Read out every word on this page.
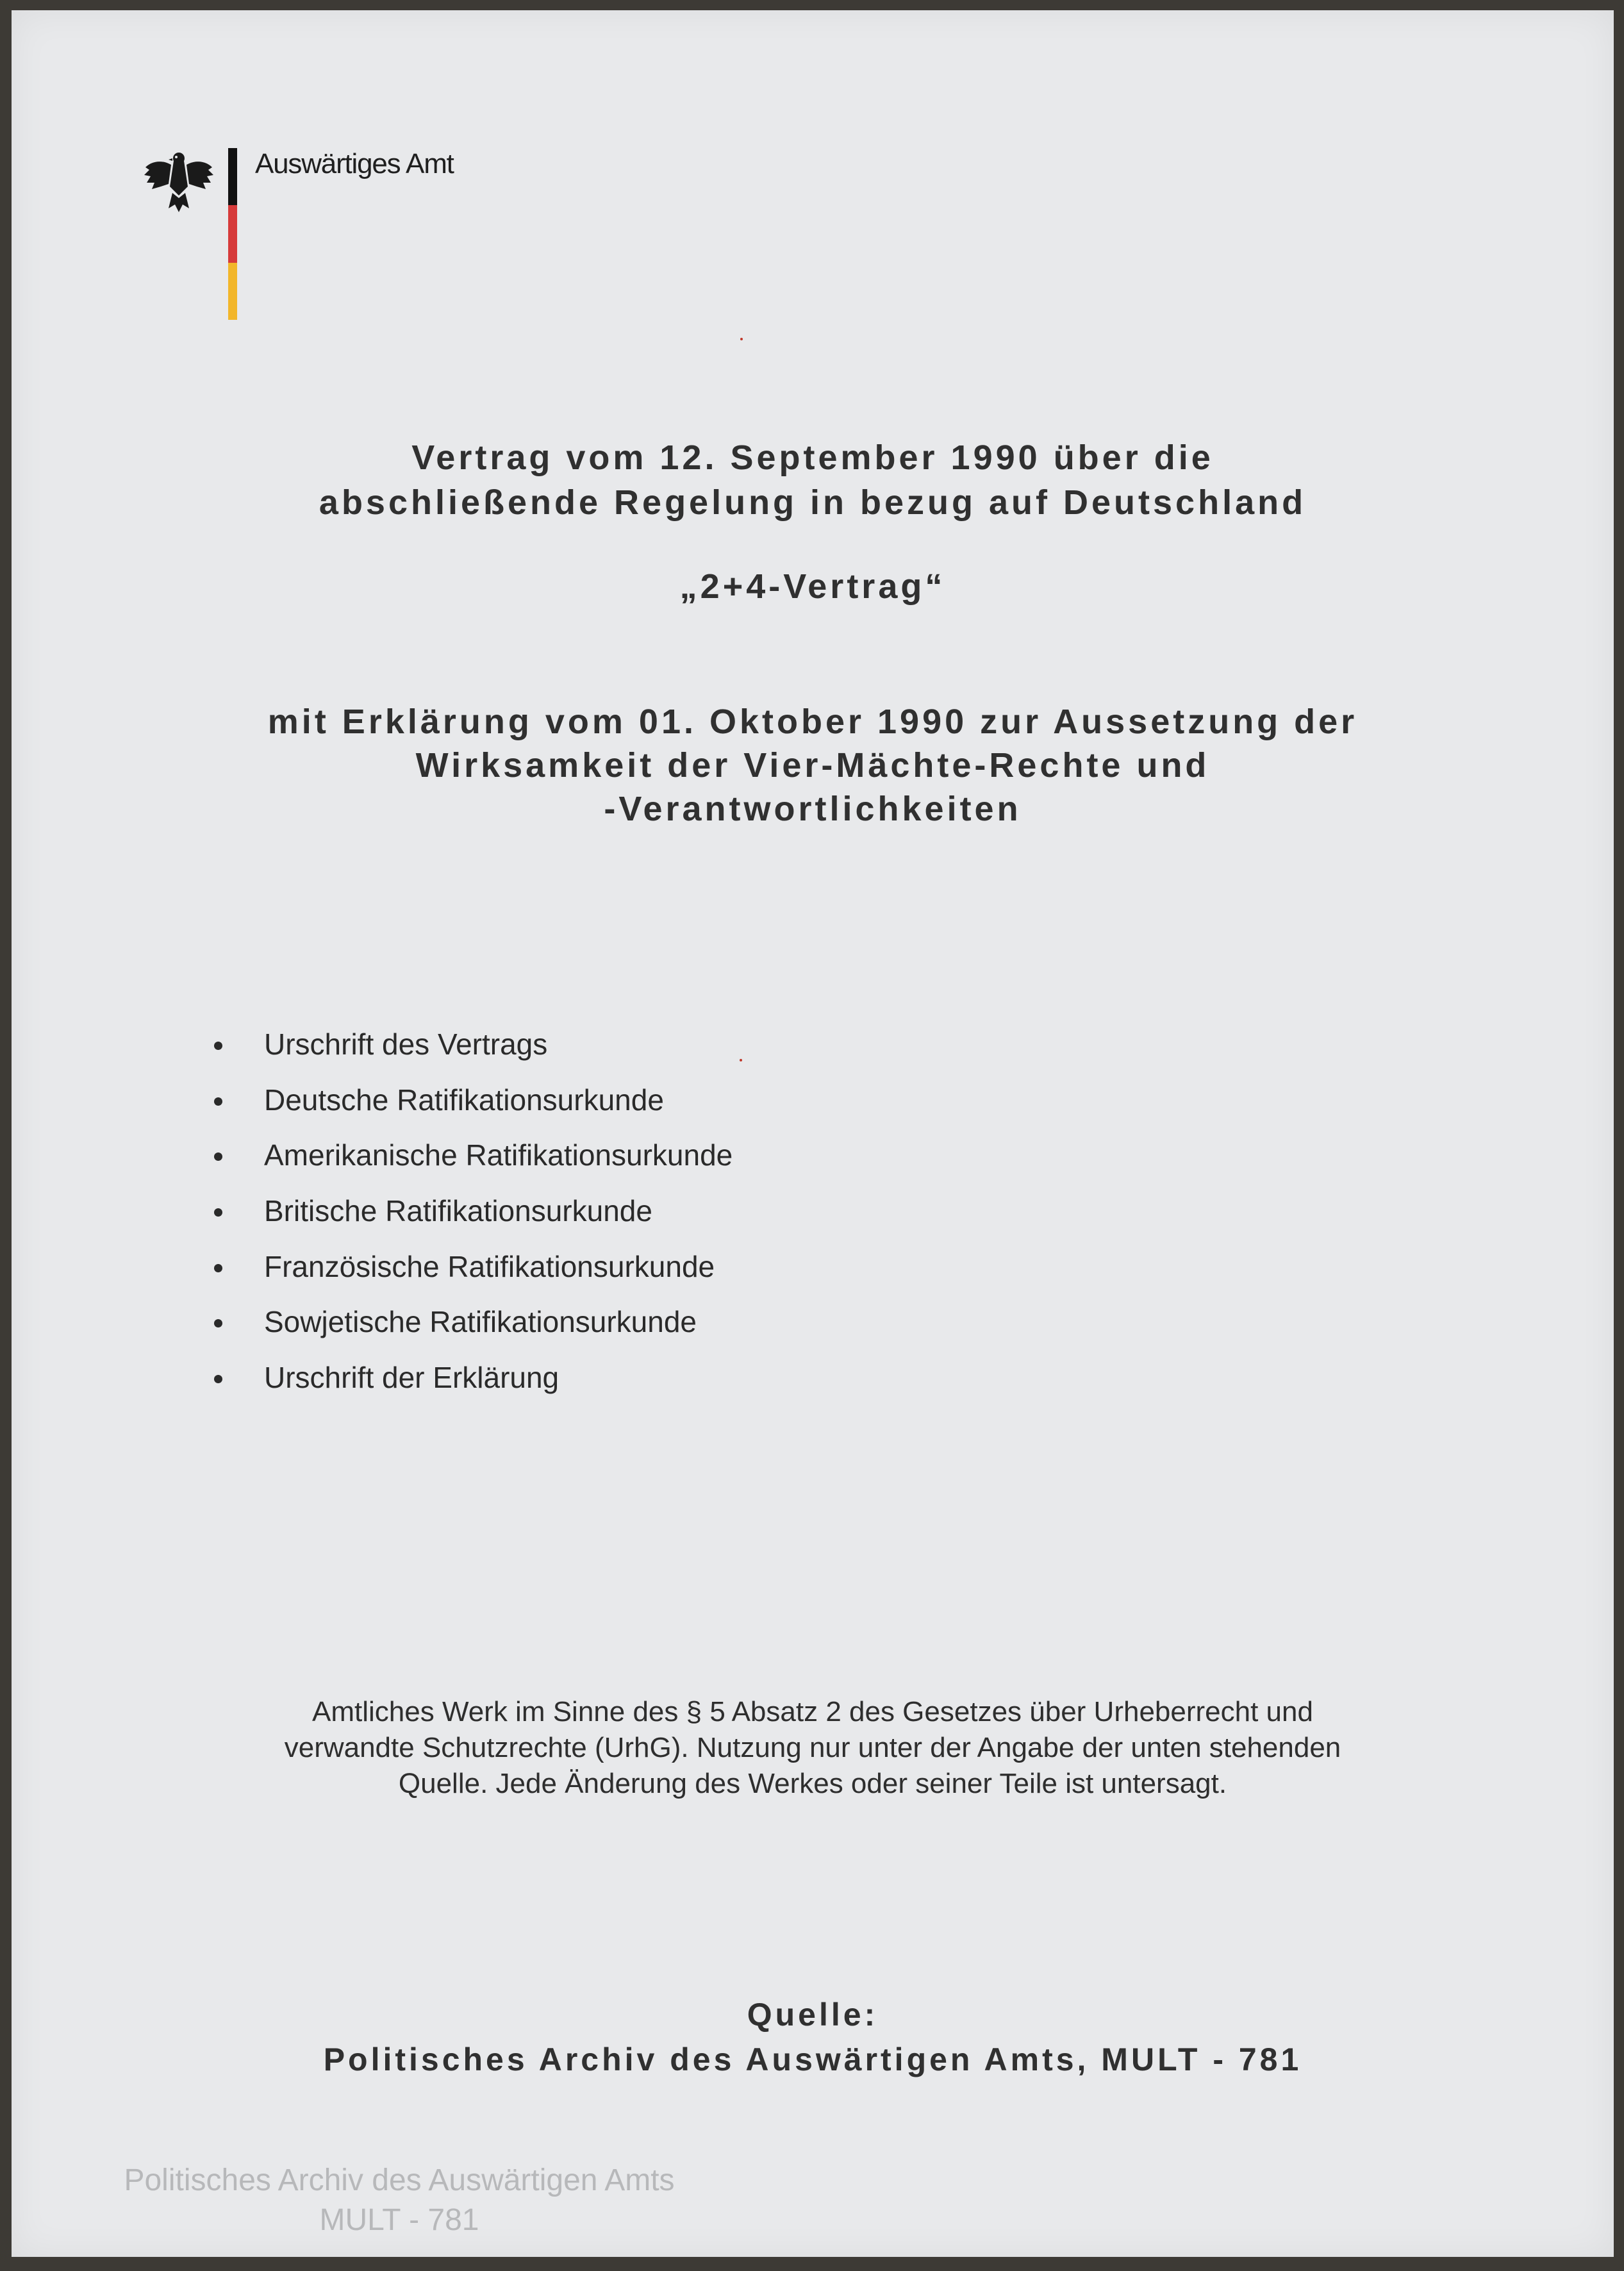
Auswärtiges Amt
Vertrag vom 12. September 1990 über die
abschließende Regelung in bezug auf Deutschland
„2+4-Vertrag“
mit Erklärung vom 01. Oktober 1990 zur Aussetzung der
Wirksamkeit der Vier-Mächte-Rechte und
-Verantwortlichkeiten
Urschrift des Vertrags
Deutsche Ratifikationsurkunde
Amerikanische Ratifikationsurkunde
Britische Ratifikationsurkunde
Französische Ratifikationsurkunde
Sowjetische Ratifikationsurkunde
Urschrift der Erklärung
Amtliches Werk im Sinne des § 5 Absatz 2 des Gesetzes über Urheberrecht und
verwandte Schutzrechte (UrhG). Nutzung nur unter der Angabe der unten stehenden
Quelle. Jede Änderung des Werkes oder seiner Teile ist untersagt.
Quelle:
Politisches Archiv des Auswärtigen Amts, MULT - 781
Politisches Archiv des Auswärtigen Amts
MULT - 781
